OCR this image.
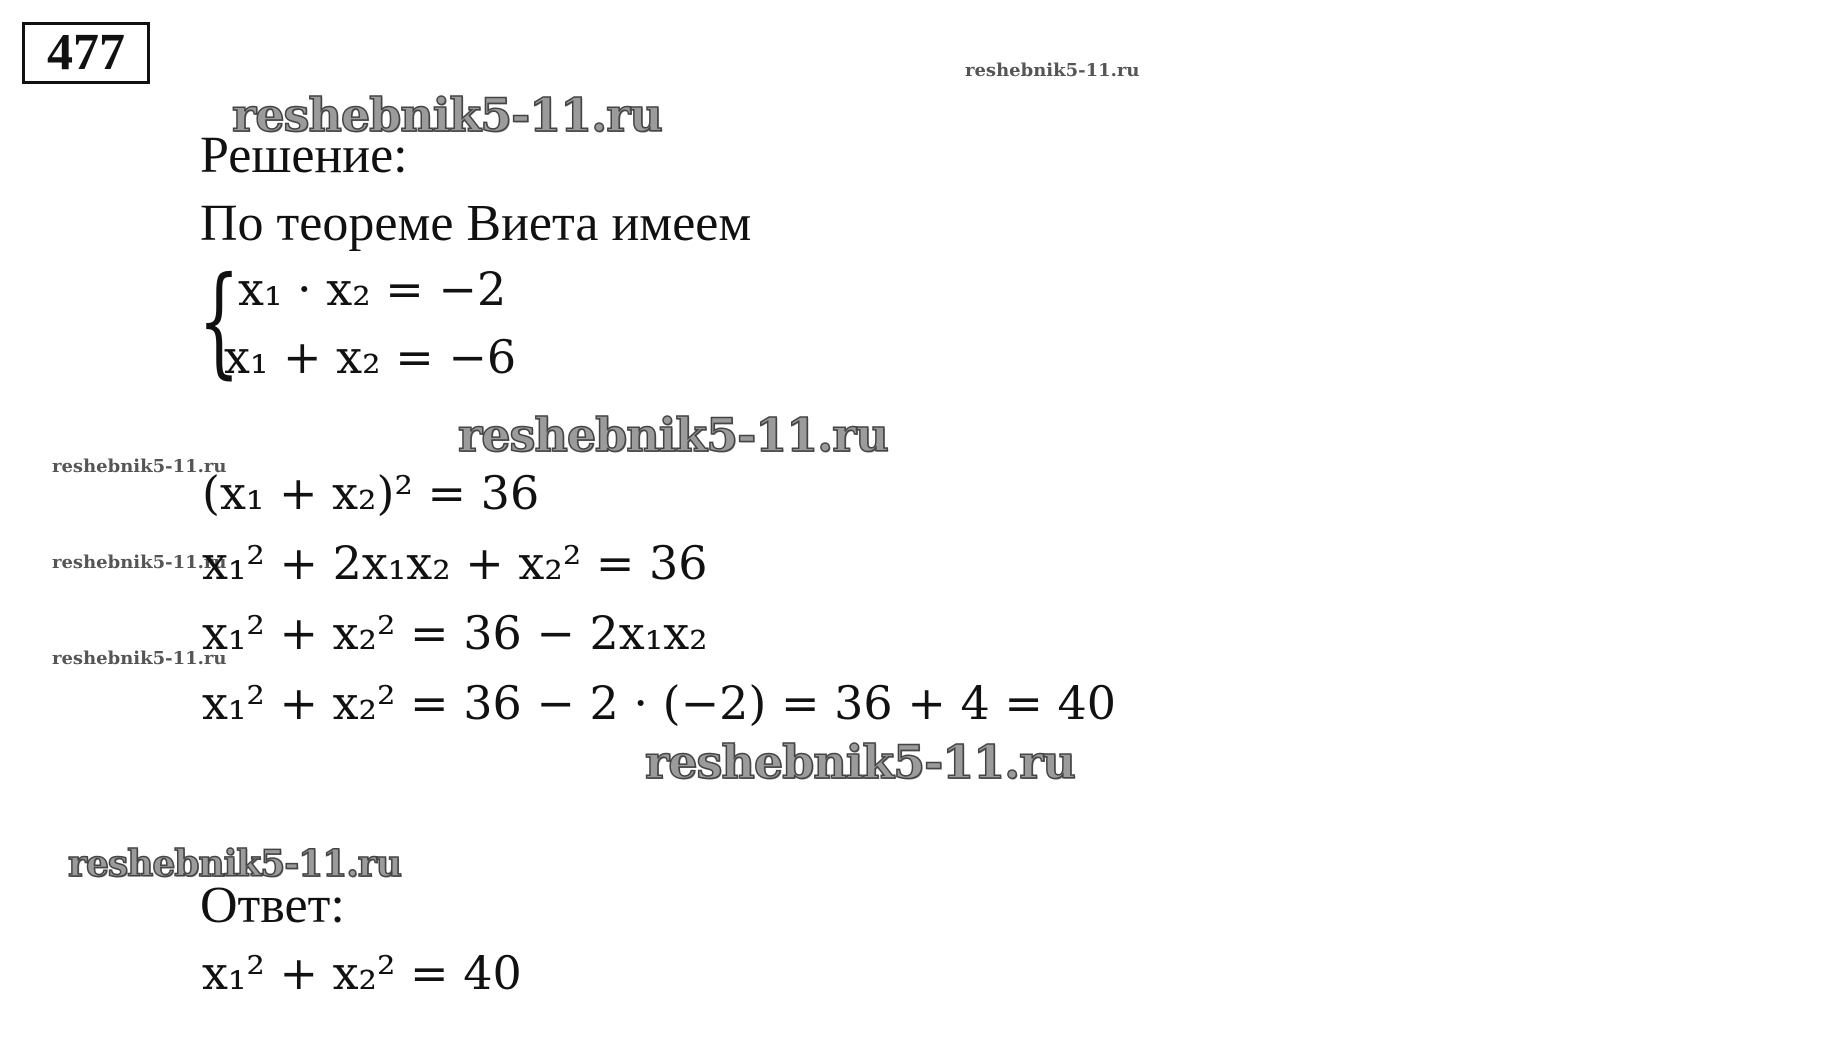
477	reshebnik5-11.ru
reshebnik5-11.ru
reshebnik5-11.ru
reshebnik5-11.ru
reshebnik5-11.ru
reshebnik5-11.ru
reshebnik5-11.ru
reshebnik5-11.ru
Решение:
По теореме Виета имеем
{
x₁ · x₂ = −2
x₁ + x₂ = −6
(x₁ + x₂)² = 36
x₁² + 2x₁x₂ + x₂² = 36
x₁² + x₂² = 36 − 2x₁x₂
x₁² + x₂² = 36 − 2 · (−2) = 36 + 4 = 40
Ответ:
x₁² + x₂² = 40
